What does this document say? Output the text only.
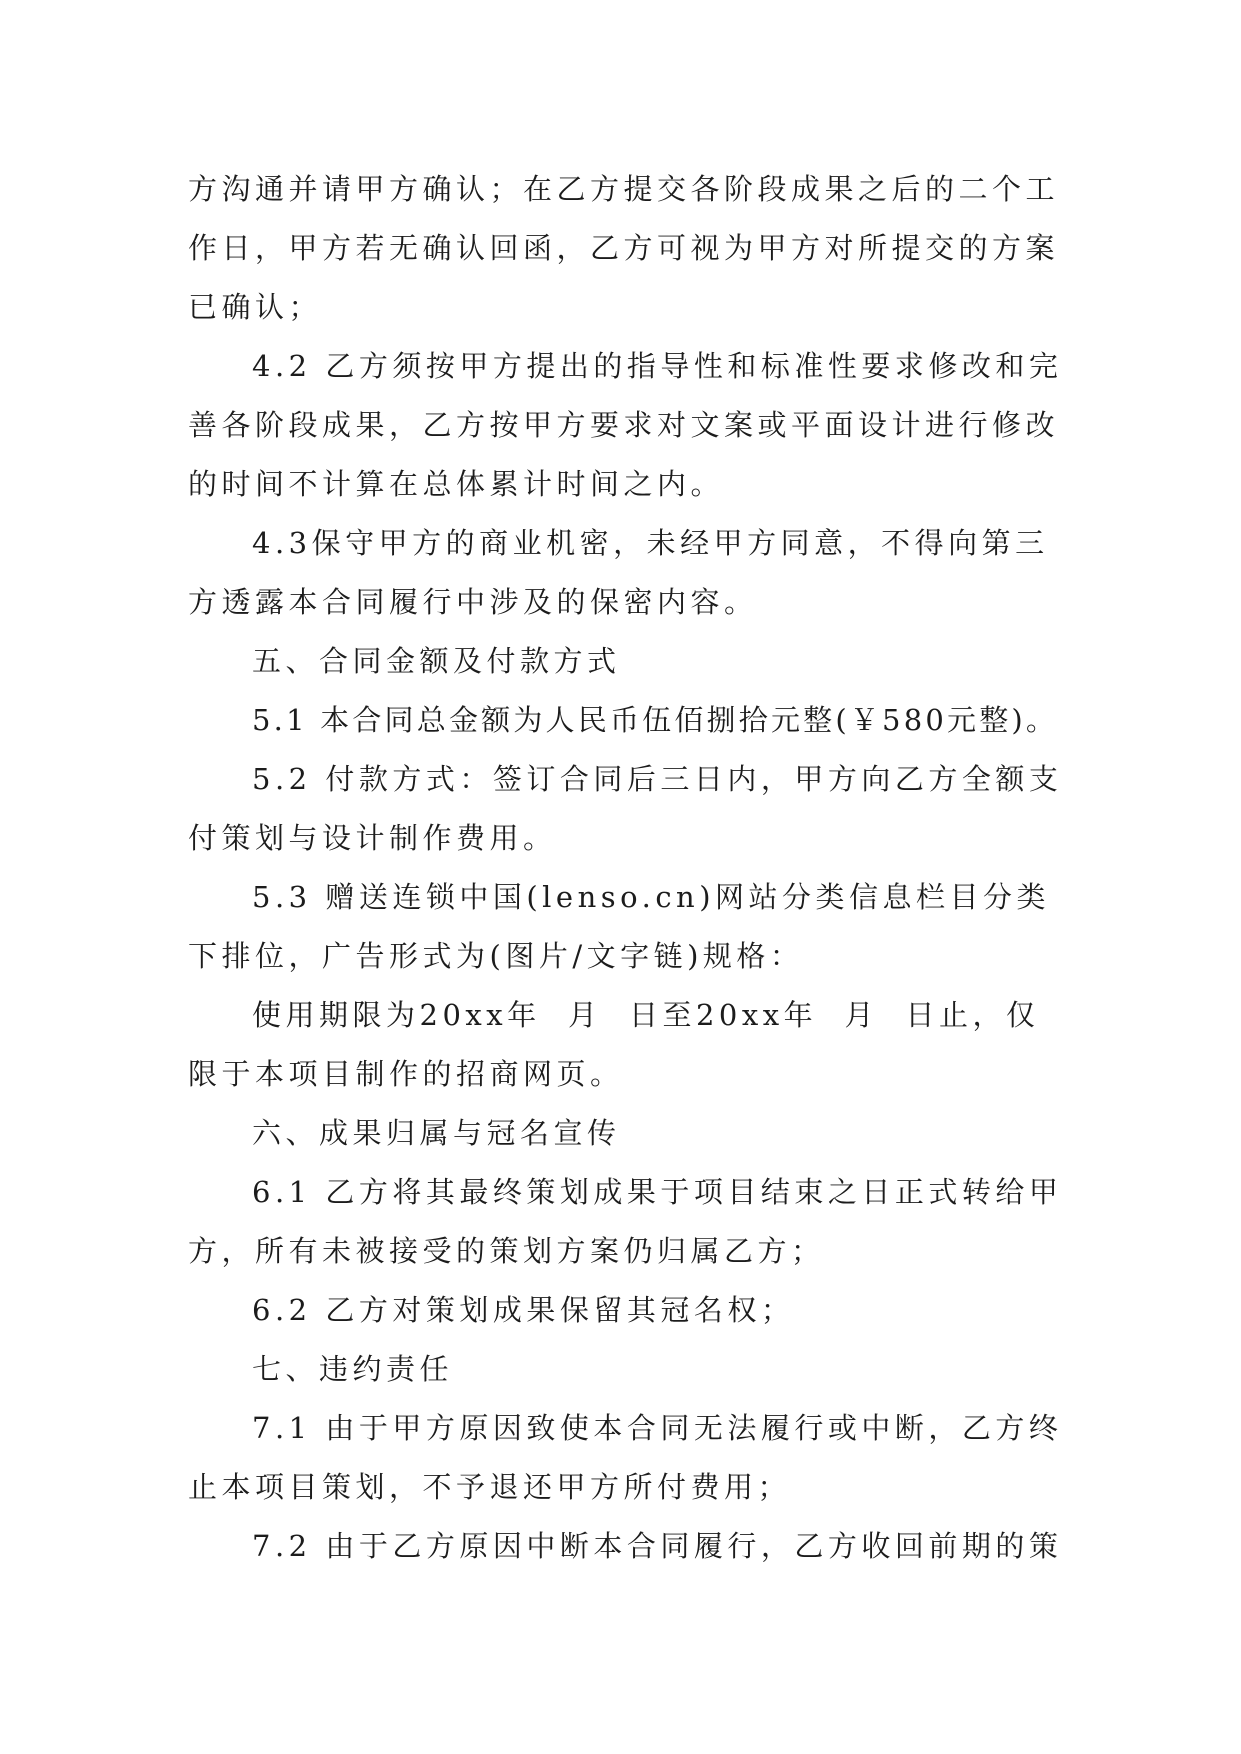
方沟通并请甲方确认；在乙方提交各阶段成果之后的二个工作日，甲方若无确认回函，乙方可视为甲方对所提交的方案已确认；

4.2 乙方须按甲方提出的指导性和标准性要求修改和完善各阶段成果，乙方按甲方要求对文案或平面设计进行修改的时间不计算在总体累计时间之内。

4.3保守甲方的商业机密，未经甲方同意，不得向第三方透露本合同履行中涉及的保密内容。

五、合同金额及付款方式

5.1 本合同总金额为人民币伍佰捌拾元整(￥580元整)。

5.2 付款方式：签订合同后三日内，甲方向乙方全额支付策划与设计制作费用。

5.3 赠送连锁中国(lenso.cn)网站分类信息栏目分类下排位，广告形式为(图片/文字链)规格：

使用期限为20xx年  月  日至20xx年  月  日止，仅限于本项目制作的招商网页。

六、成果归属与冠名宣传

6.1 乙方将其最终策划成果于项目结束之日正式转给甲方，所有未被接受的策划方案仍归属乙方；

6.2 乙方对策划成果保留其冠名权；

七、违约责任

7.1 由于甲方原因致使本合同无法履行或中断，乙方终止本项目策划，不予退还甲方所付费用；

7.2 由于乙方原因中断本合同履行，乙方收回前期的策
